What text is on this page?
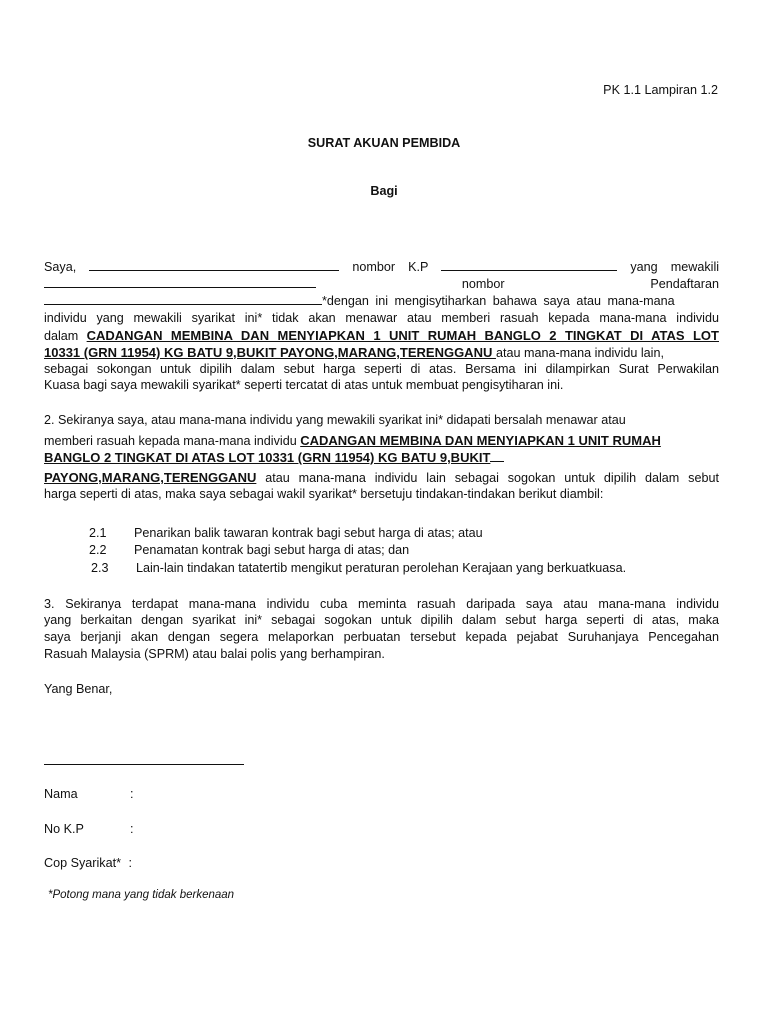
PK 1.1 Lampiran 1.2
SURAT AKUAN PEMBIDA
Bagi
Saya,	nombor K.P	yang mewakili
nombor	Pendaftaran
*dengan ini mengisytiharkan bahawa saya atau mana-mana
individu yang mewakili syarikat ini* tidak akan menawar atau memberi rasuah kepada mana-mana individu
dalam CADANGAN MEMBINA DAN MENYIAPKAN 1 UNIT RUMAH BANGLO 2 TINGKAT DI ATAS LOT
10331 (GRN 11954) KG BATU 9,BUKIT PAYONG,MARANG,TERENGGANU atau mana-mana individu lain,
sebagai sokongan untuk dipilih dalam sebut harga seperti di atas. Bersama ini dilampirkan Surat Perwakilan
Kuasa bagi saya mewakili syarikat* seperti tercatat di atas untuk membuat pengisytiharan ini.
2. Sekiranya saya, atau mana-mana individu yang mewakili syarikat ini* didapati bersalah menawar atau
memberi rasuah kepada mana-mana individu CADANGAN MEMBINA DAN MENYIAPKAN 1 UNIT RUMAH
BANGLO 2 TINGKAT DI ATAS LOT 10331 (GRN 11954) KG BATU 9,BUKIT
PAYONG,MARANG,TERENGGANU atau mana-mana individu lain sebagai sogokan untuk dipilih dalam sebut
harga seperti di atas, maka saya sebagai wakil syarikat* bersetuju tindakan-tindakan berikut diambil:
2.1 Penarikan balik tawaran kontrak bagi sebut harga di atas; atau
2.2 Penamatan kontrak bagi sebut harga di atas; dan
2.3 Lain-lain tindakan tatatertib mengikut peraturan perolehan Kerajaan yang berkuatkuasa.
3. Sekiranya terdapat mana-mana individu cuba meminta rasuah daripada saya atau mana-mana individu
yang berkaitan dengan syarikat ini* sebagai sogokan untuk dipilih dalam sebut harga seperti di atas, maka
saya berjanji akan dengan segera melaporkan perbuatan tersebut kepada pejabat Suruhanjaya Pencegahan
Rasuah Malaysia (SPRM) atau balai polis yang berhampiran.
Yang Benar,
Nama	:
No K.P	:
Cop Syarikat* :
*Potong mana yang tidak berkenaan
